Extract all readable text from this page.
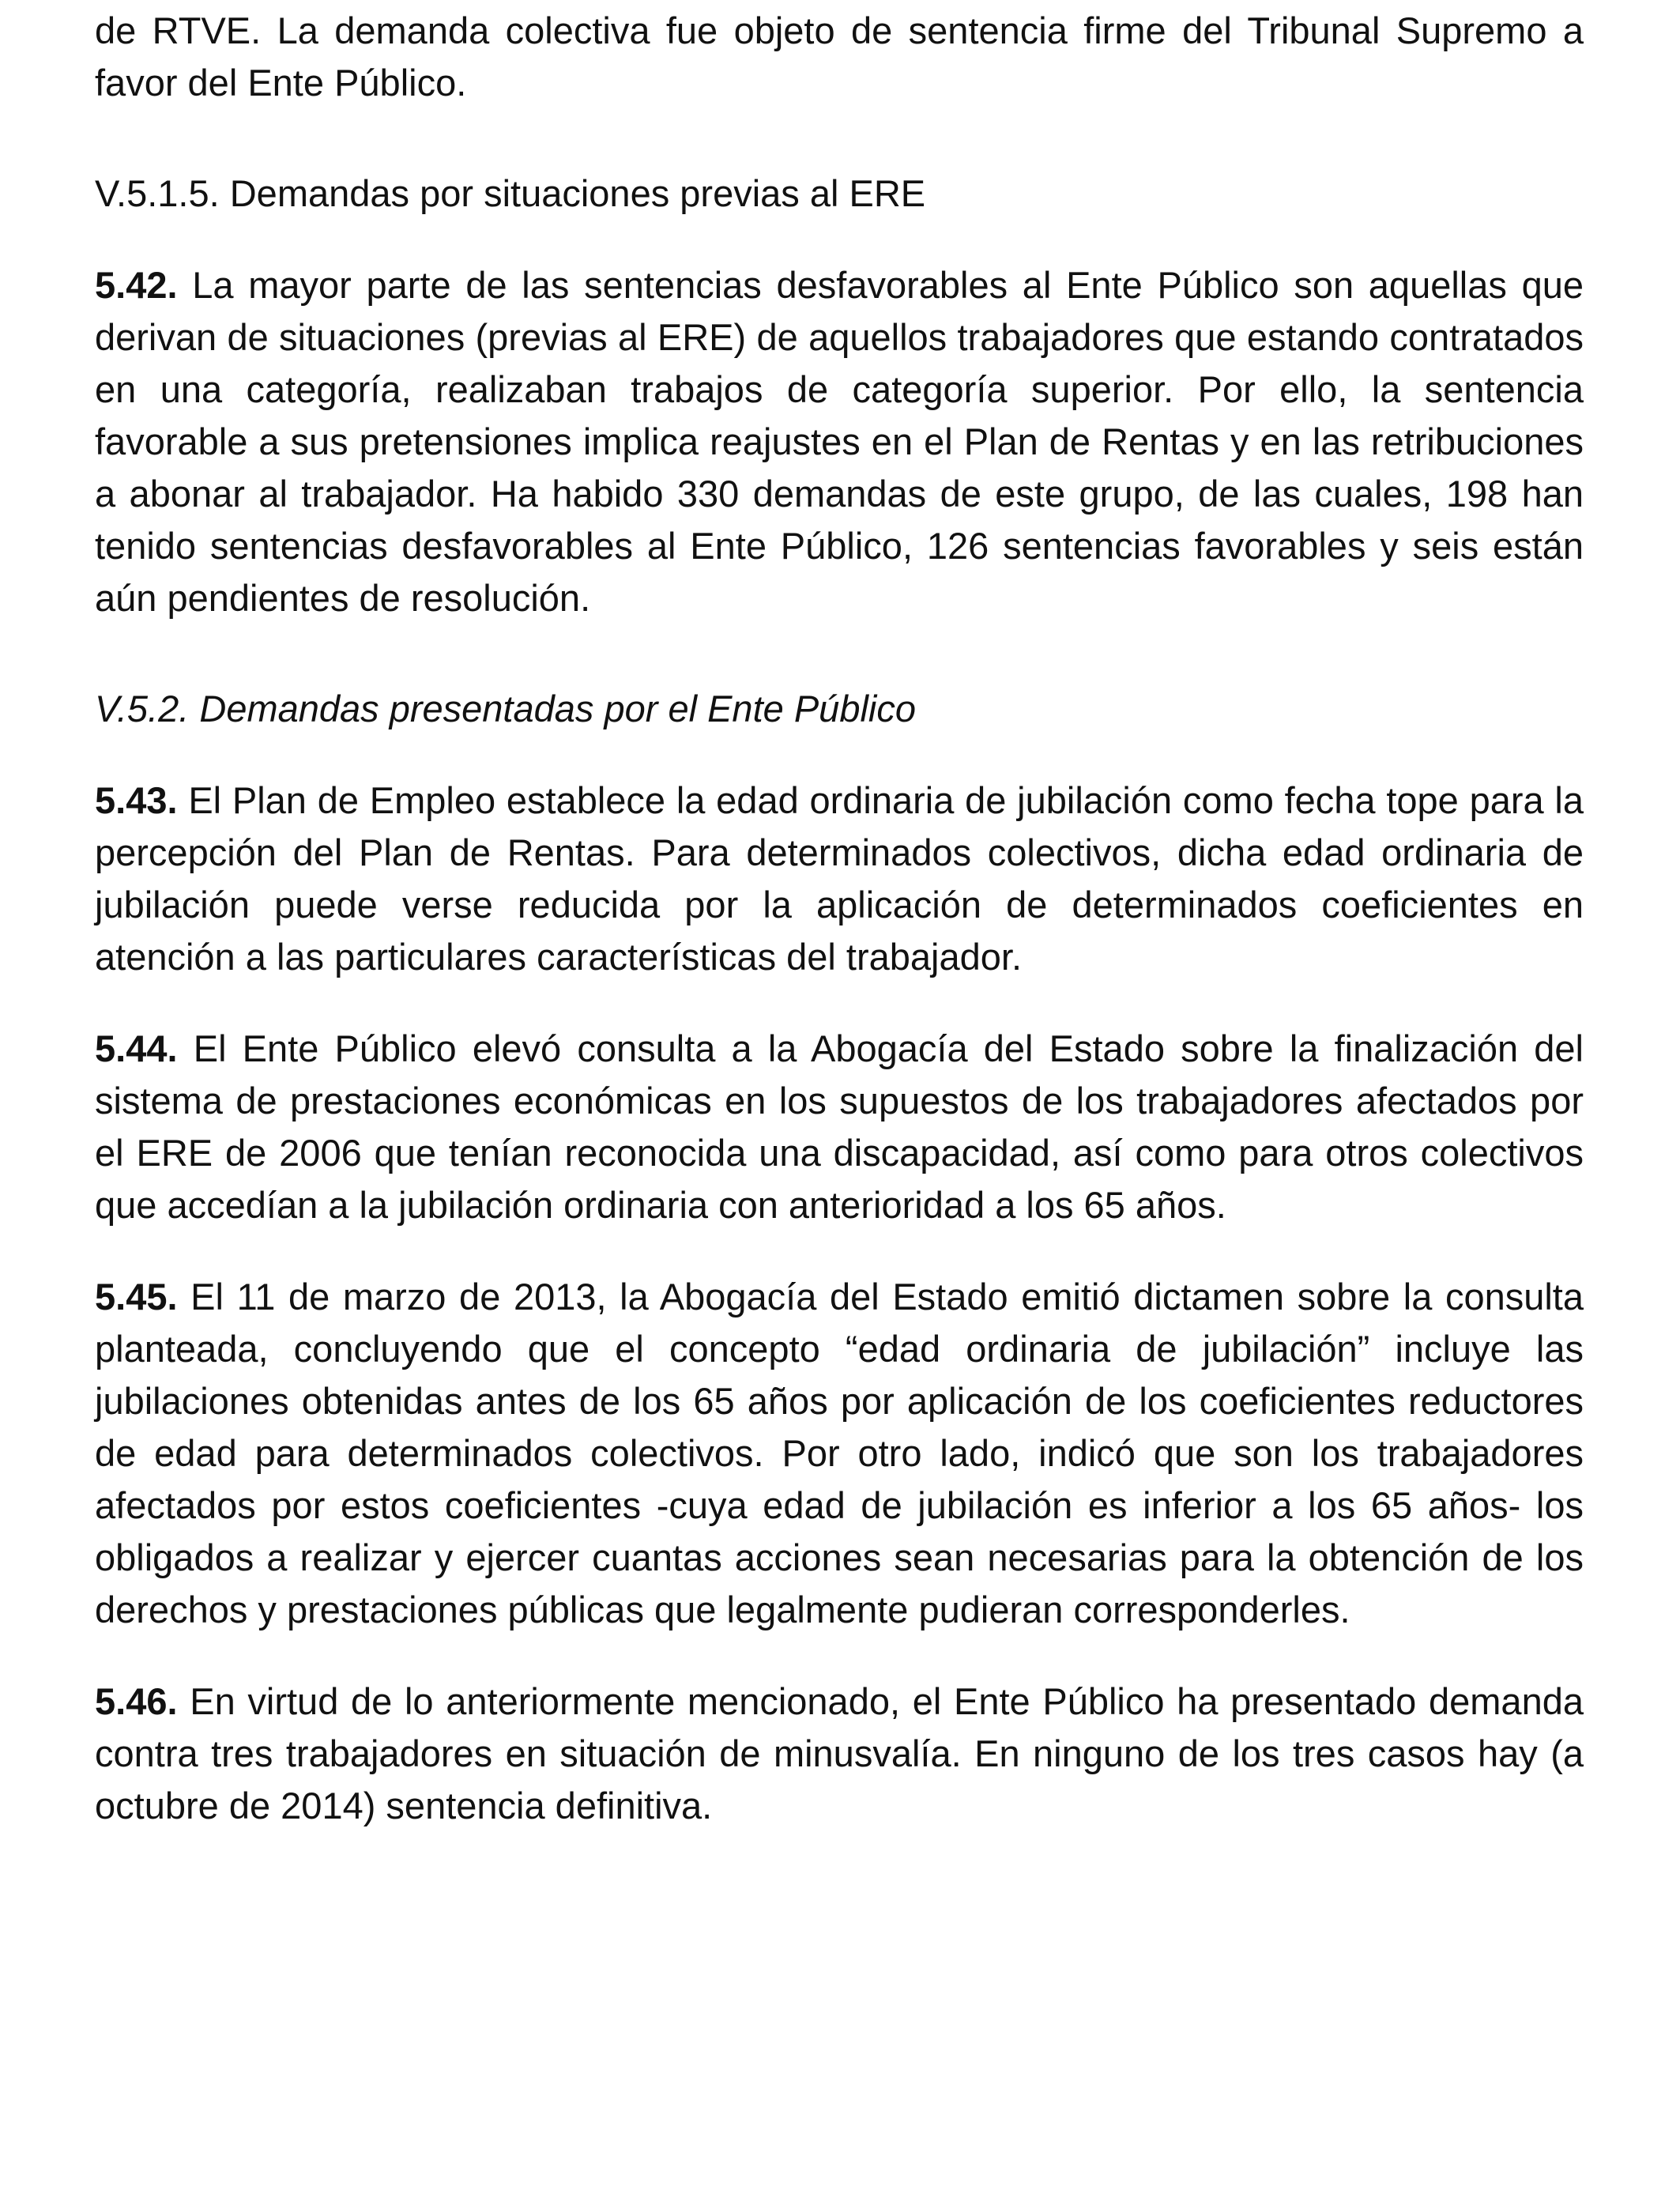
de RTVE. La demanda colectiva fue objeto de sentencia firme del Tribunal Supremo a favor del Ente Público.

V.5.1.5. Demandas por situaciones previas al ERE

5.42. La mayor parte de las sentencias desfavorables al Ente Público son aquellas que derivan de situaciones (previas al ERE) de aquellos trabajadores que estando contratados en una categoría, realizaban trabajos de categoría superior. Por ello, la sentencia favorable a sus pretensiones implica reajustes en el Plan de Rentas y en las retribuciones a abonar al trabajador. Ha habido 330 demandas de este grupo, de las cuales, 198 han tenido sentencias desfavorables al Ente Público, 126 sentencias favorables y seis están aún pendientes de resolución.

V.5.2. Demandas presentadas por el Ente Público

5.43. El Plan de Empleo establece la edad ordinaria de jubilación como fecha tope para la percepción del Plan de Rentas. Para determinados colectivos, dicha edad ordinaria de jubilación puede verse reducida por la aplicación de determinados coeficientes en atención a las particulares características del trabajador.

5.44. El Ente Público elevó consulta a la Abogacía del Estado sobre la finalización del sistema de prestaciones económicas en los supuestos de los trabajadores afectados por el ERE de 2006 que tenían reconocida una discapacidad, así como para otros colectivos que accedían a la jubilación ordinaria con anterioridad a los 65 años.

5.45. El 11 de marzo de 2013, la Abogacía del Estado emitió dictamen sobre la consulta planteada, concluyendo que el concepto “edad ordinaria de jubilación” incluye las jubilaciones obtenidas antes de los 65 años por aplicación de los coeficientes reductores de edad para determinados colectivos. Por otro lado, indicó que son los trabajadores afectados por estos coeficientes -cuya edad de jubilación es inferior a los 65 años- los obligados a realizar y ejercer cuantas acciones sean necesarias para la obtención de los derechos y prestaciones públicas que legalmente pudieran corresponderles.

5.46. En virtud de lo anteriormente mencionado, el Ente Público ha presentado demanda contra tres trabajadores en situación de minusvalía. En ninguno de los tres casos hay (a octubre de 2014) sentencia definitiva.
